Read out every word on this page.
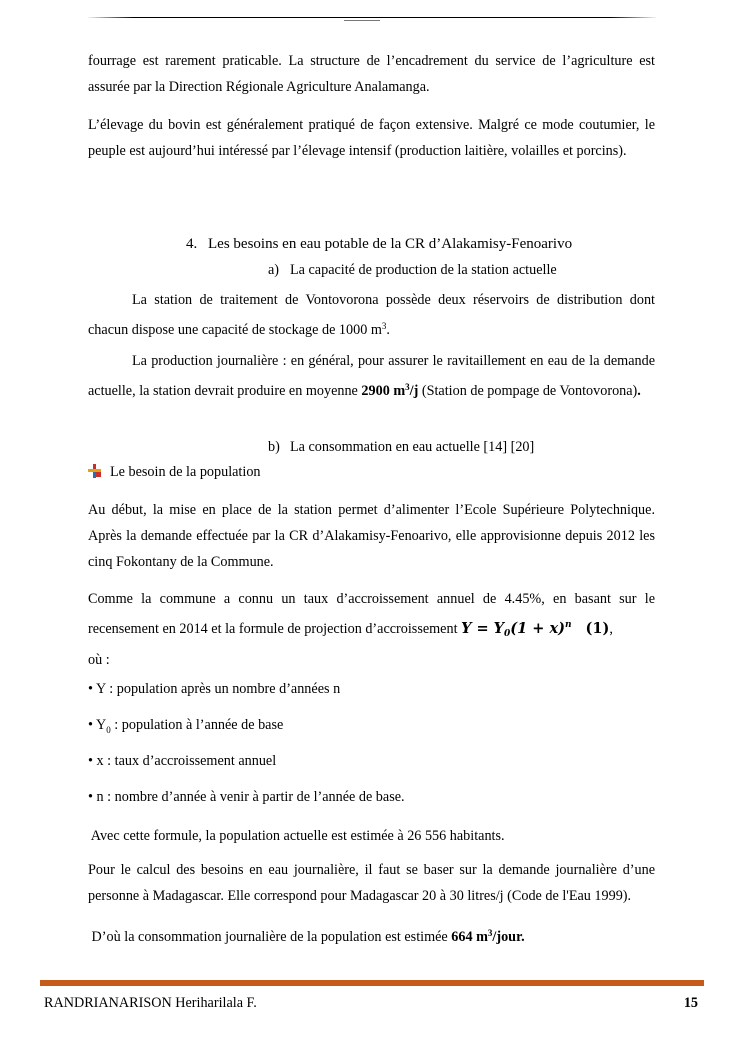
fourrage est rarement praticable. La structure de l’encadrement du service de l’agriculture est assurée par la Direction Régionale Agriculture Analamanga.

L’élevage du bovin est généralement pratiqué de façon extensive. Malgré ce mode coutumier, le peuple est aujourd’hui intéressé par l’élevage intensif (production laitière, volailles et porcins).

4. Les besoins en eau potable de la CR d’Alakamisy-Fenoarivo
a) La capacité de production de la station actuelle

La station de traitement de Vontovorona possède deux réservoirs de distribution dont chacun dispose une capacité de stockage de 1000 $m^3$.

La production journalière : en général, pour assurer le ravitaillement en eau de la demande actuelle, la station devrait produire en moyenne 2900 $m^3/j$ (Station de pompage de Vontovorona).

b) La consommation en eau actuelle [14] [20]
Le besoin de la population

Au début, la mise en place de la station permet d’alimenter l’Ecole Supérieure Polytechnique. Après la demande effectuée par la CR d’Alakamisy-Fenoarivo, elle approvisionne depuis 2012 les cinq Fokontany de la Commune.

Comme la commune a connu un taux d’accroissement annuel de 4.45%, en basant sur le recensement en 2014 et la formule de projection d’accroissement $Y = Y_0(1 + x)^n$ (1),
où :

• Y : population après un nombre d’années n

• $Y_0$ : population à l’année de base

• x : taux d’accroissement annuel

• n : nombre d’année à venir à partir de l’année de base.

Avec cette formule, la population actuelle est estimée à 26 556 habitants.

Pour le calcul des besoins en eau journalière, il faut se baser sur la demande journalière d’une personne à Madagascar. Elle correspond pour Madagascar 20 à 30 litres/j (Code de l'Eau 1999).

D’où la consommation journalière de la population est estimée 664 $m^3$/jour.

RANDRIANARISON Heriharilala F.	15
